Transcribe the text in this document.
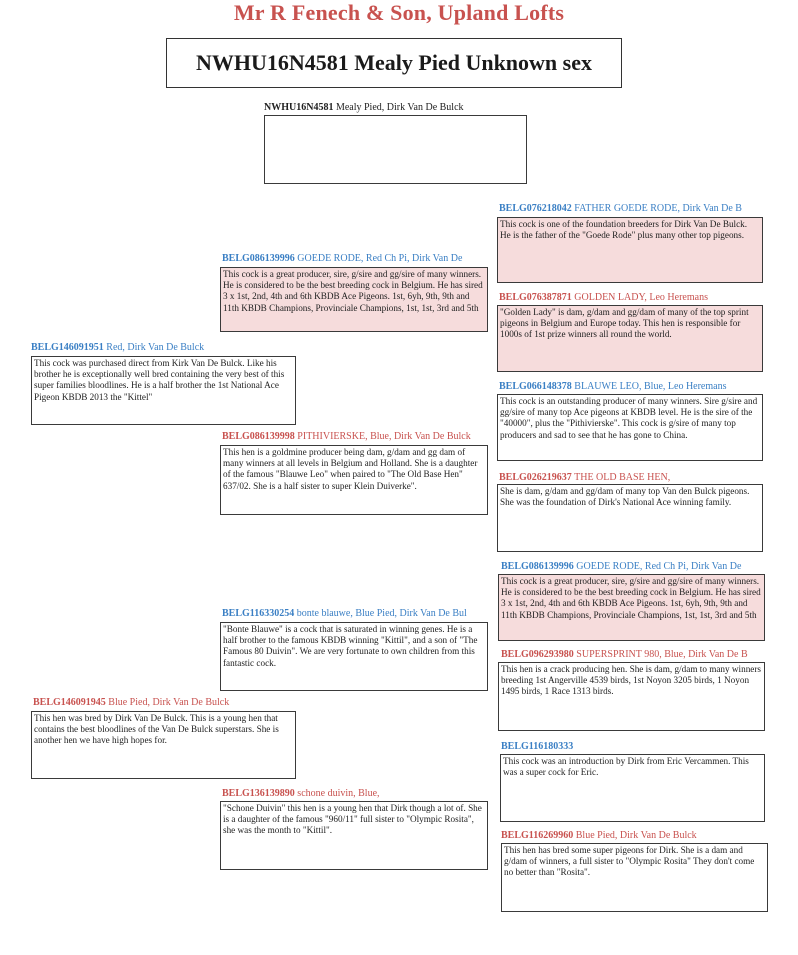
Mr R Fenech & Son, Upland Lofts
NWHU16N4581 Mealy Pied Unknown sex
NWHU16N4581 Mealy Pied, Dirk Van De Bulck
BELG086139996 GOEDE RODE, Red Ch Pi, Dirk Van De
This cock is a great producer, sire, g/sire and gg/sire of many winners. He is considered to be the best breeding cock in Belgium. He has sired 3 x 1st, 2nd, 4th and 6th KBDB Ace Pigeons. 1st, 6yh, 9th, 9th and 11th KBDB Champions, Provinciale Champions, 1st, 1st, 3rd and 5th
BELG146091951 Red, Dirk Van De Bulck
This cock was purchased direct from Kirk Van De Bulck. Like his brother he is exceptionally well bred containing the very best of this super families bloodlines. He is a half brother the 1st National Ace Pigeon KBDB 2013 the "Kittel"
BELG086139998 PITHIVIERSKE, Blue, Dirk Van De Bulck
This hen is a goldmine producer being dam, g/dam and gg dam of many winners at all levels in Belgium and Holland. She is a daughter of the famous "Blauwe Leo" when paired to "The Old Base Hen" 637/02. She is a half sister to super Klein Duiverke".
BELG116330254 bonte blauwe, Blue Pied, Dirk Van De Bul
"Bonte Blauwe" is a cock that is saturated in winning genes. He is a half brother to the famous KBDB winning "Kittil", and a son of "The Famous 80 Duivin". We are very fortunate to own children from this fantastic cock.
BELG146091945 Blue Pied, Dirk Van De Bulck
This hen was bred by Dirk Van De Bulck. This is a young hen that contains the best bloodlines of the Van De Bulck superstars. She is another hen we have high hopes for.
BELG136139890 schone duivin, Blue,
"Schone Duivin" this hen is a young hen that Dirk though a lot of. She is a daughter of the famous "960/11" full sister to "Olympic Rosita", she was the month to "Kittil".
BELG076218042 FATHER GOEDE RODE, Dirk Van De B
This cock is one of the foundation breeders for Dirk Van De Bulck. He is the father of the "Goede Rode" plus many other top pigeons.
BELG076387871 GOLDEN LADY, Leo Heremans
"Golden Lady" is dam, g/dam and gg/dam of many of the top sprint pigeons in Belgium and Europe today. This hen is responsible for 1000s of 1st prize winners all round the world.
BELG066148378 BLAUWE LEO, Blue, Leo Heremans
This cock is an outstanding producer of many winners. Sire g/sire and gg/sire of many top Ace pigeons at KBDB level. He is the sire of the "40000", plus the "Pithivierske". This cock is g/sire of many top producers and sad to see that he has gone to China.
BELG026219637 THE OLD BASE HEN,
She is dam, g/dam and gg/dam of many top Van den Bulck pigeons. She was the foundation of Dirk's National Ace winning family.
BELG086139996 GOEDE RODE, Red Ch Pi, Dirk Van De
This cock is a great producer, sire, g/sire and gg/sire of many winners. He is considered to be the best breeding cock in Belgium. He has sired 3 x 1st, 2nd, 4th and 6th KBDB Ace Pigeons. 1st, 6yh, 9th, 9th and 11th KBDB Champions, Provinciale Champions, 1st, 1st, 3rd and 5th
BELG096293980 SUPERSPRINT 980, Blue, Dirk Van De B
This hen is a crack producing hen. She is dam, g/dam to many winners breeding 1st Angerville 4539 birds, 1st Noyon 3205 birds, 1 Noyon 1495 birds, 1 Race 1313 birds.
BELG116180333
This cock was an introduction by Dirk from Eric Vercammen. This was a super cock for Eric.
BELG116269960 Blue Pied, Dirk Van De Bulck
This hen has bred some super pigeons for Dirk. She is a dam and g/dam of winners, a full sister to "Olympic Rosita" They don't come no better than "Rosita".
